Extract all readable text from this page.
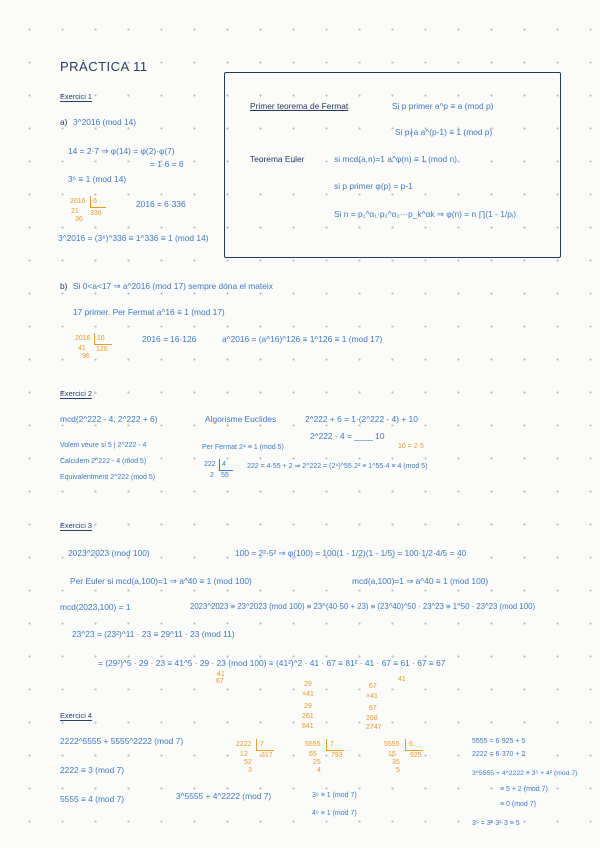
PRÀCTICA 11
Primer teorema de Fermat	Si p primer a^p ≡ a (mod p)
Si p∤a a^(p-1) ≡ 1 (mod p)
Teorema Euler	si mcd(a,n)=1 a^φ(n) ≡ 1 (mod n)
si p primer φ(p) = p-1
Si n = p₁^α₁·p₂^α₂···p_k^αk ⇒ φ(n) = n ∏(1 - 1/pᵢ)
Exercici 1
a) 3^2016 (mod 14)
14 = 2·7 ⇒ φ(14) = φ(2)·φ(7)
= 1·6 = 6
3⁶ ≡ 1 (mod 14)
2016 6
21
36
336
2016 = 6·336
3^2016 = (3⁶)^336 ≡ 1^336 ≡ 1 (mod 14)
b) Si 0<a<17 ⇒ a^2016 (mod 17) sempre dóna el mateix
17 primer. Per Fermat a^16 ≡ 1 (mod 17)
2016 16
41
96
126
2016 = 16·126	a^2016 = (a^16)^126 ≡ 1^126 ≡ 1 (mod 17)
Exercici 2
mcd(2^222 - 4, 2^222 + 6)	Algorisme Euclides	2^222 + 6 = 1·(2^222 - 4) + 10
2^222 - 4 = ____ 10
Volem veure si 5 | 2^222 - 4	Per Fermat 2⁴ ≡ 1 (mod 5)	10 = 2·5
Calculem 2^222 - 4 (mod 5)	222 4
2 55
222 = 4·55 + 2 ⇒ 2^222 = (2⁴)^55·2² ≡ 1^55·4 ≡ 4 (mod 5)
Equivalentment 2^222 (mod 5)
Exercici 3
2023^2023 (mod 100)	100 = 2²·5² ⇒ φ(100) = 100(1 - 1/2)(1 - 1/5) = 100·1/2·4/5 = 40
Per Euler si mcd(a,100)=1 ⇒ a^40 ≡ 1 (mod 100)	mcd(a,100)=1 ⇒ a^40 ≡ 1 (mod 100)
mcd(2023,100) = 1	2023^2023 ≡ 23^2023 (mod 100) ≡ 23^(40·50 + 23) ≡ (23^40)^50 · 23^23 ≡ 1^50 · 23^23 (mod 100)
23^23 = (23²)^11 · 23 ≡ 29^11 · 23 (mod 11)
= (29²)^5 · 29 · 23 ≡ 41^5 · 29 · 23 (mod 100) ≡ (41²)^2 · 41 · 67 ≡ 81² · 41 · 67 ≡ 61 · 67 ≡ 67
41
67	41
29
×41
29
261
841
67
×41
67
268
2747
Exercici 4
2222^5555 + 5555^2222 (mod 7)
2222 ≡ 3 (mod 7)
5555 ≡ 4 (mod 7)	3^5555 + 4^2222 (mod 7)
2222 7
12
52
3
317
5555 7
65
25
4
793
5555 6
15
35
5
925
3⁶ ≡ 1 (mod 7)
4⁶ ≡ 1 (mod 7)
5555 = 6·925 + 5
2222 = 6·370 + 2
3^5555 + 4^2222 ≡ 3⁵ + 4² (mod 7)
≡ 5 + 2 (mod 7)
≡ 0 (mod 7)
3⁵ = 3²·3²·3 ≡ 5
